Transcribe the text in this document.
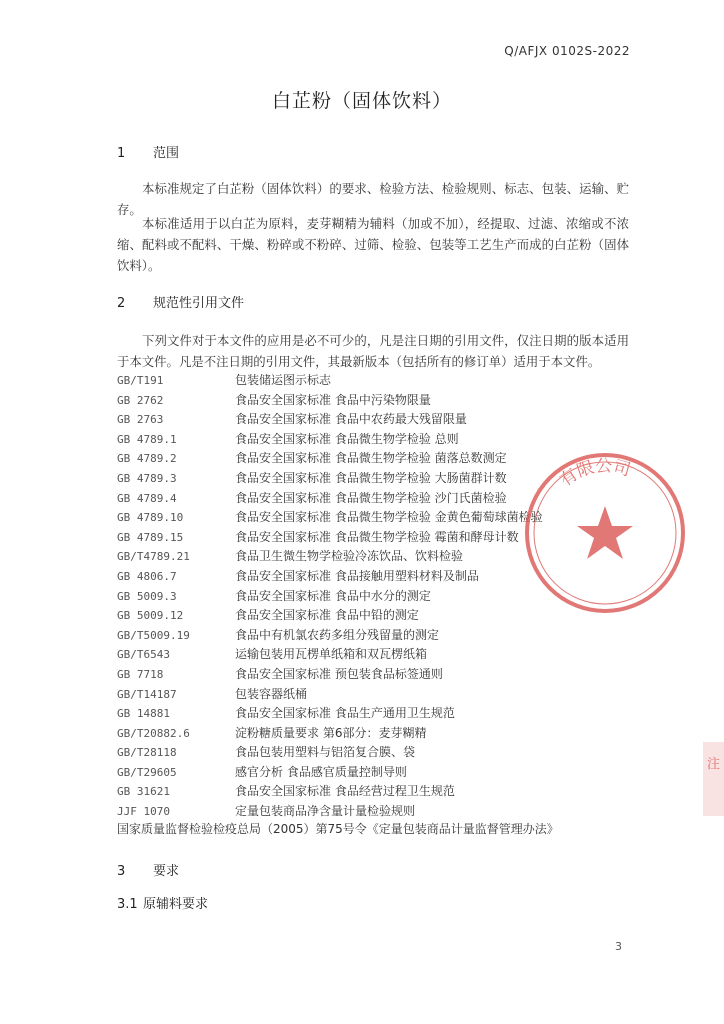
Q/AFJX 0102S-2022
白芷粉（固体饮料）
1 范围
本标准规定了白芷粉（固体饮料）的要求、检验方法、检验规则、标志、包装、运输、贮存。
本标准适用于以白芷为原料，麦芽糊精为辅料（加或不加），经提取、过滤、浓缩或不浓缩、配料或不配料、干燥、粉碎或不粉碎、过筛、检验、包装等工艺生产而成的白芷粉（固体饮料）。
2 规范性引用文件
下列文件对于本文件的应用是必不可少的，凡是注日期的引用文件，仅注日期的版本适用于本文件。凡是不注日期的引用文件，其最新版本（包括所有的修订单）适用于本文件。
GB/T191	包装储运图示标志
GB 2762	食品安全国家标准 食品中污染物限量
GB 2763	食品安全国家标准 食品中农药最大残留限量
GB 4789.1	食品安全国家标准 食品微生物学检验 总则
GB 4789.2	食品安全国家标准 食品微生物学检验 菌落总数测定
GB 4789.3	食品安全国家标准 食品微生物学检验 大肠菌群计数
GB 4789.4	食品安全国家标准 食品微生物学检验 沙门氏菌检验
GB 4789.10	食品安全国家标准 食品微生物学检验 金黄色葡萄球菌检验
GB 4789.15	食品安全国家标准 食品微生物学检验 霉菌和酵母计数
GB/T4789.21	食品卫生微生物学检验冷冻饮品、饮料检验
GB 4806.7	食品安全国家标准 食品接触用塑料材料及制品
GB 5009.3	食品安全国家标准 食品中水分的测定
GB 5009.12	食品安全国家标准 食品中铅的测定
GB/T5009.19	食品中有机氯农药多组分残留量的测定
GB/T6543	运输包装用瓦楞单纸箱和双瓦楞纸箱
GB 7718	食品安全国家标准 预包装食品标签通则
GB/T14187	包装容器纸桶
GB 14881	食品安全国家标准 食品生产通用卫生规范
GB/T20882.6	淀粉糖质量要求 第6部分：麦芽糊精
GB/T28118	食品包装用塑料与铝箔复合膜、袋
GB/T29605	感官分析 食品感官质量控制导则
GB 31621	食品安全国家标准 食品经营过程卫生规范
JJF 1070	定量包装商品净含量计量检验规则
国家质量监督检验检疫总局（2005）第75号令《定量包装商品计量监督管理办法》
3 要求
3.1 原辅料要求
3
有限公司
注
